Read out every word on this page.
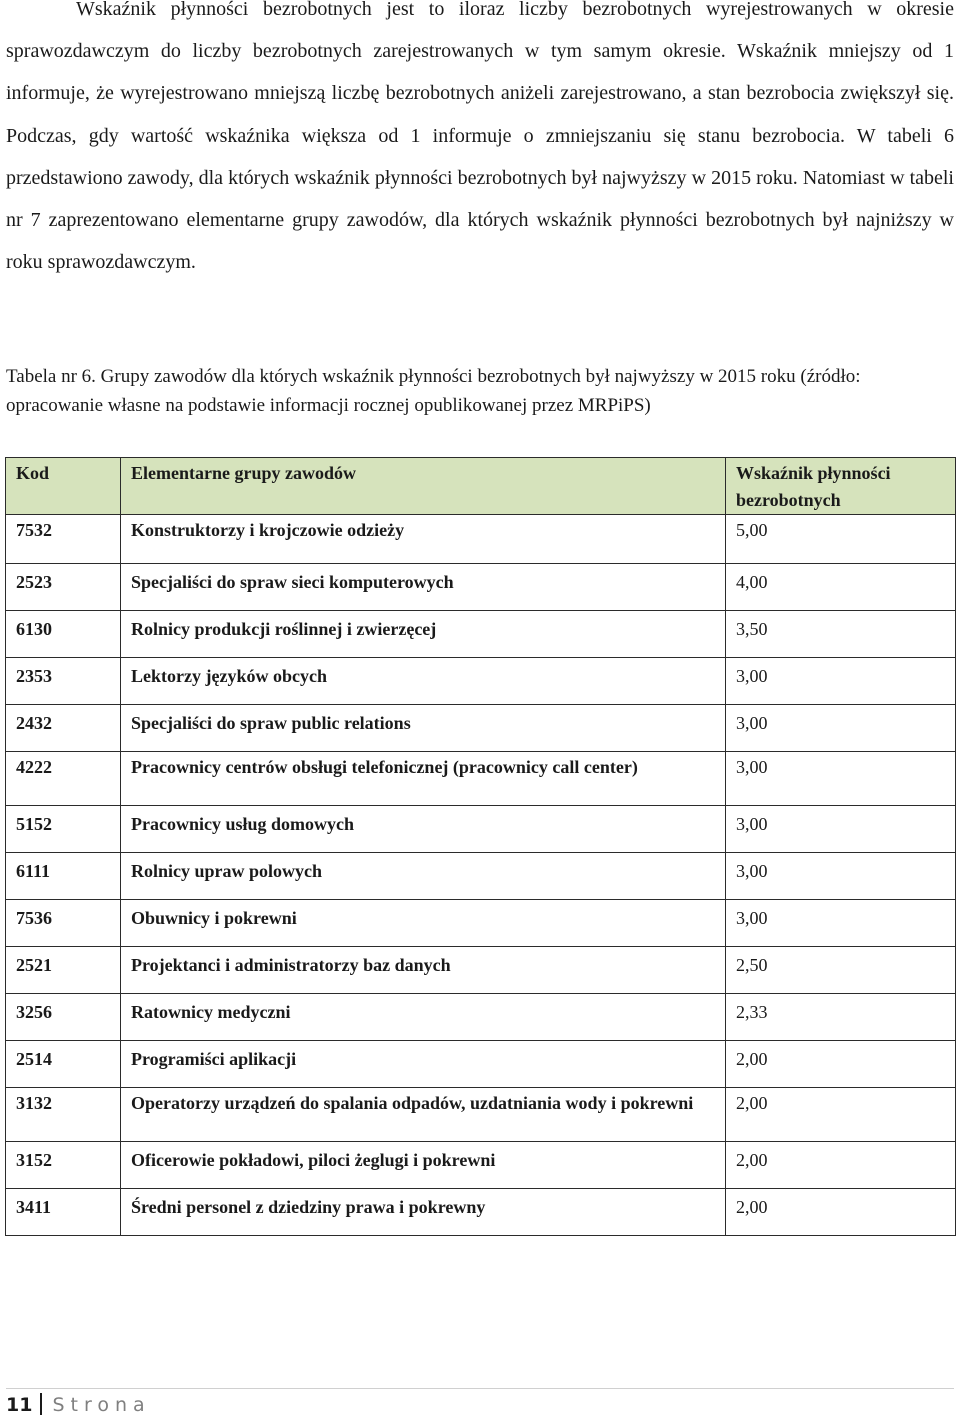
Wskaźnik płynności bezrobotnych jest to iloraz liczby bezrobotnych wyrejestrowanych w okresie sprawozdawczym do liczby bezrobotnych zarejestrowanych w tym samym okresie. Wskaźnik mniejszy od 1 informuje, że wyrejestrowano mniejszą liczbę bezrobotnych aniżeli zarejestrowano, a stan bezrobocia zwiększył się. Podczas, gdy wartość wskaźnika większa od 1 informuje o zmniejszaniu się stanu bezrobocia. W tabeli 6 przedstawiono zawody, dla których wskaźnik płynności bezrobotnych był najwyższy w 2015 roku. Natomiast w tabeli nr 7 zaprezentowano elementarne grupy zawodów, dla których wskaźnik płynności bezrobotnych był najniższy w roku sprawozdawczym.

Tabela nr 6. Grupy zawodów dla których wskaźnik płynności bezrobotnych był najwyższy w 2015 roku (źródło: opracowanie własne na podstawie informacji rocznej opublikowanej przez MRPiPS)

Kod	Elementarne grupy zawodów	Wskaźnik płynności bezrobotnych
7532	Konstruktorzy i krojczowie odzieży	5,00
2523	Specjaliści do spraw sieci komputerowych	4,00
6130	Rolnicy produkcji roślinnej i zwierzęcej	3,50
2353	Lektorzy języków obcych	3,00
2432	Specjaliści do spraw public relations	3,00
4222	Pracownicy centrów obsługi telefonicznej (pracownicy call center)	3,00
5152	Pracownicy usług domowych	3,00
6111	Rolnicy upraw polowych	3,00
7536	Obuwnicy i pokrewni	3,00
2521	Projektanci i administratorzy baz danych	2,50
3256	Ratownicy medyczni	2,33
2514	Programiści aplikacji	2,00
3132	Operatorzy urządzeń do spalania odpadów, uzdatniania wody i pokrewni	2,00
3152	Oficerowie pokładowi, piloci żeglugi i pokrewni	2,00
3411	Średni personel z dziedziny prawa i pokrewny	2,00
11 Strona
